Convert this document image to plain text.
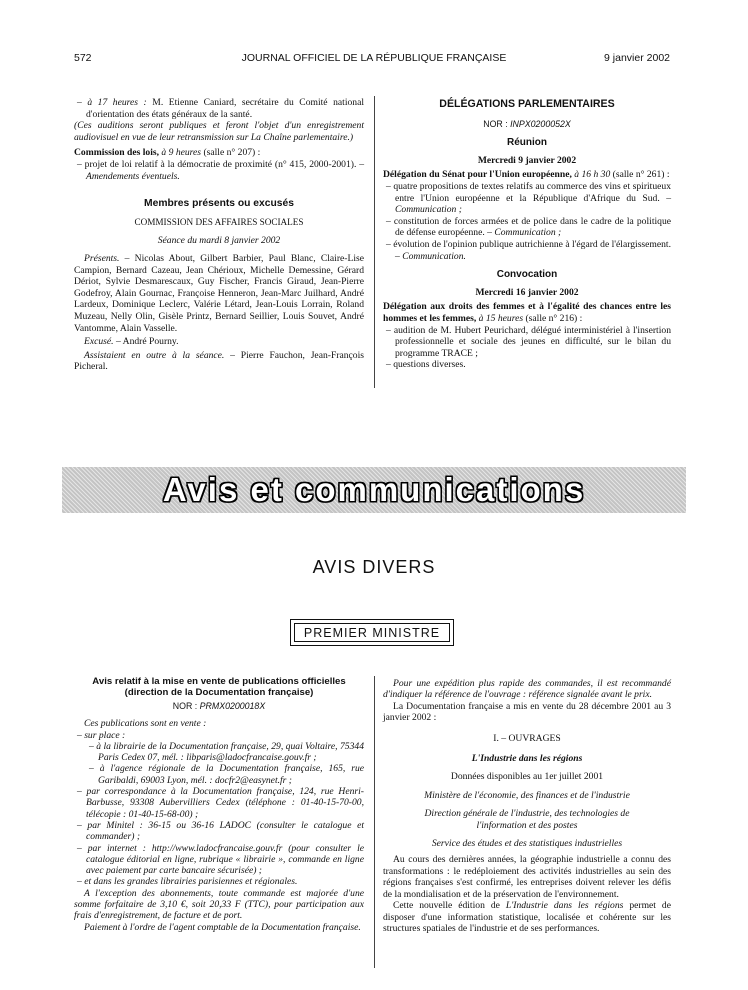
572	JOURNAL OFFICIEL DE LA RÉPUBLIQUE FRANÇAISE	9 janvier 2002

– à 17 heures : M. Etienne Caniard, secrétaire du Comité national d'orientation des états généraux de la santé.

(Ces auditions seront publiques et feront l'objet d'un enregistrement audiovisuel en vue de leur retransmission sur La Chaîne parlementaire.)

Commission des lois, à 9 heures (salle n° 207) :

– projet de loi relatif à la démocratie de proximité (n° 415, 2000-2001). – Amendements éventuels.

Membres présents ou excusés

COMMISSION DES AFFAIRES SOCIALES

Séance du mardi 8 janvier 2002

Présents. – Nicolas About, Gilbert Barbier, Paul Blanc, Claire-Lise Campion, Bernard Cazeau, Jean Chérioux, Michelle Demessine, Gérard Dériot, Sylvie Desmarescaux, Guy Fischer, Francis Giraud, Jean-Pierre Godefroy, Alain Gournac, Françoise Henneron, Jean-Marc Juilhard, André Lardeux, Dominique Leclerc, Valérie Létard, Jean-Louis Lorrain, Roland Muzeau, Nelly Olin, Gisèle Printz, Bernard Seillier, Louis Souvet, André Vantomme, Alain Vasselle.

Excusé. – André Pourny.

Assistaient en outre à la séance. – Pierre Fauchon, Jean-François Picheral.

DÉLÉGATIONS PARLEMENTAIRES

NOR : INPX0200052X

Réunion

Mercredi 9 janvier 2002

Délégation du Sénat pour l'Union européenne, à 16 h 30 (salle n° 261) :

– quatre propositions de textes relatifs au commerce des vins et spiritueux entre l'Union européenne et la République d'Afrique du Sud. – Communication ;

– constitution de forces armées et de police dans le cadre de la politique de défense européenne. – Communication ;

– évolution de l'opinion publique autrichienne à l'égard de l'élargissement. – Communication.

Convocation

Mercredi 16 janvier 2002

Délégation aux droits des femmes et à l'égalité des chances entre les hommes et les femmes, à 15 heures (salle n° 216) :

– audition de M. Hubert Peurichard, délégué interministériel à l'insertion professionnelle et sociale des jeunes en difficulté, sur le bilan du programme TRACE ;

– questions diverses.

Avis et communications
AVIS DIVERS
PREMIER MINISTRE

Avis relatif à la mise en vente de publications officielles (direction de la Documentation française)

NOR : PRMX0200018X

Ces publications sont en vente :

– sur place :

– à la librairie de la Documentation française, 29, quai Voltaire, 75344 Paris Cedex 07, mél. : libparis@ladocfrancaise.gouv.fr ;

– à l'agence régionale de la Documentation française, 165, rue Garibaldi, 69003 Lyon, mél. : docfr2@easynet.fr ;

– par correspondance à la Documentation française, 124, rue Henri-Barbusse, 93308 Aubervilliers Cedex (téléphone : 01-40-15-70-00, télécopie : 01-40-15-68-00) ;

– par Minitel : 36-15 ou 36-16 LADOC (consulter le catalogue et commander) ;

– par internet : http://www.ladocfrancaise.gouv.fr (pour consulter le catalogue éditorial en ligne, rubrique « librairie », commande en ligne avec paiement par carte bancaire sécurisée) ;

– et dans les grandes librairies parisiennes et régionales.

A l'exception des abonnements, toute commande est majorée d'une somme forfaitaire de 3,10 €, soit 20,33 F (TTC), pour participation aux frais d'enregistrement, de facture et de port.

Paiement à l'ordre de l'agent comptable de la Documentation française.

Pour une expédition plus rapide des commandes, il est recommandé d'indiquer la référence de l'ouvrage : référence signalée avant le prix.

La Documentation française a mis en vente du 28 décembre 2001 au 3 janvier 2002 :

I. – OUVRAGES

L'Industrie dans les régions

Données disponibles au 1er juillet 2001

Ministère de l'économie, des finances et de l'industrie

Direction générale de l'industrie, des technologies de l'information et des postes

Service des études et des statistiques industrielles

Au cours des dernières années, la géographie industrielle a connu des transformations : le redéploiement des activités industrielles au sein des régions françaises s'est confirmé, les entreprises doivent relever les défis de la mondialisation et de la préservation de l'environnement.

Cette nouvelle édition de L'Industrie dans les régions permet de disposer d'une information statistique, localisée et cohérente sur les structures spatiales de l'industrie et de ses performances.
